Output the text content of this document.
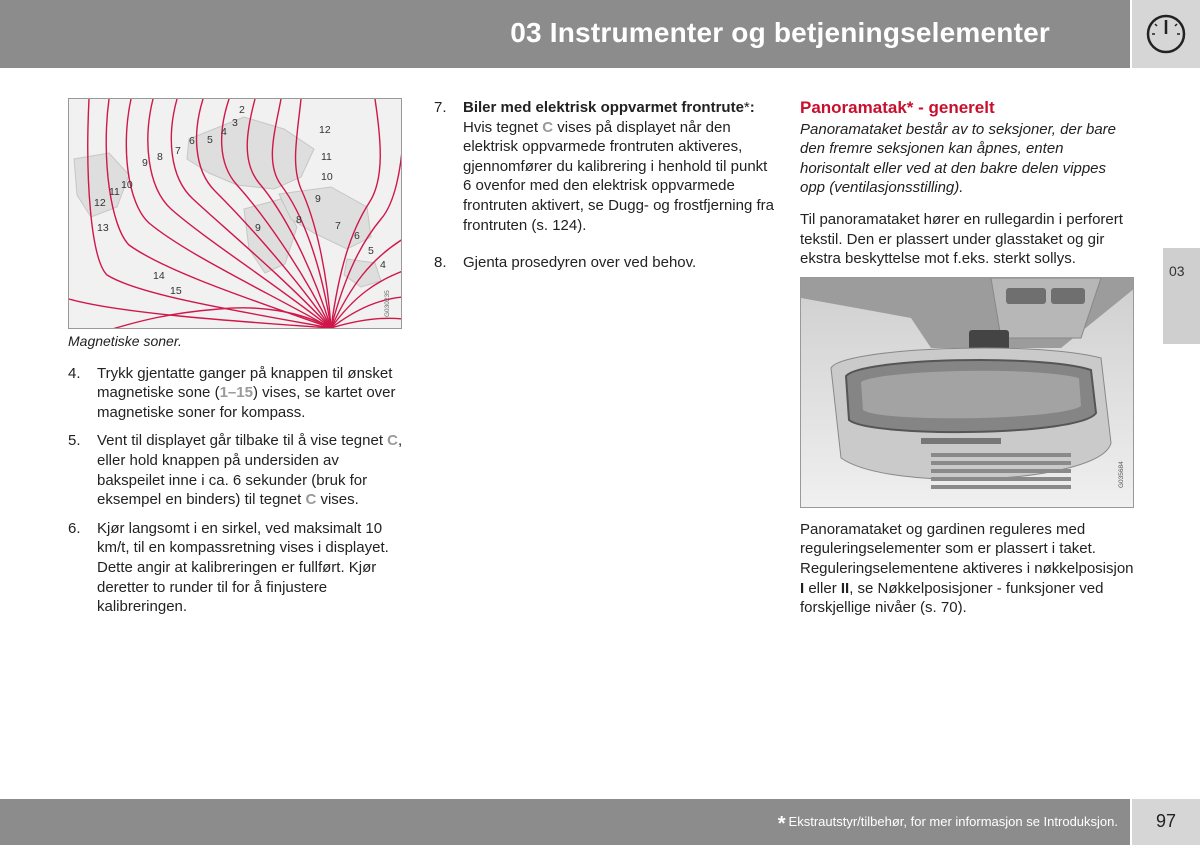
03 Instrumenter og betjeningselementer
03
2
3
4
5
6
7
8
9
10
11
12
13
14
15
12
11
10
9
8
9	7
6
5
4
G030235
Magnetiske soner.
4. Trykk gjentatte ganger på knappen til ønsket magnetiske sone (1–15) vises, se kartet over magnetiske soner for kompass.
5. Vent til displayet går tilbake til å vise tegnet C, eller hold knappen på undersiden av bakspeilet inne i ca. 6 sekunder (bruk for eksempel en binders) til tegnet C vises.
6. Kjør langsomt i en sirkel, ved maksimalt 10 km/t, til en kompassretning vises i displayet. Dette angir at kalibreringen er fullført. Kjør deretter to runder til for å finjustere kalibreringen.
7. Biler med elektrisk oppvarmet frontrute*: Hvis tegnet C vises på displayet når den elektrisk oppvarmede frontruten aktiveres, gjennomfører du kalibrering i henhold til punkt 6 ovenfor med den elektrisk oppvarmede frontruten aktivert, se Dugg- og frostfjerning fra frontruten (s. 124).
8. Gjenta prosedyren over ved behov.
Panoramatak* - generelt
Panoramataket består av to seksjoner, der bare den fremre seksjonen kan åpnes, enten horisontalt eller ved at den bakre delen vippes opp (ventilasjonsstilling).
Til panoramataket hører en rullegardin i perforert tekstil. Den er plassert under glasstaket og gir ekstra beskyttelse mot f.eks. sterkt sollys.
G035684
Panoramataket og gardinen reguleres med reguleringselementer som er plassert i taket. Reguleringselementene aktiveres i nøkkelposisjon I eller II, se Nøkkelposisjoner - funksjoner ved forskjellige nivåer (s. 70).
* Ekstrautstyr/tilbehør, for mer informasjon se Introduksjon.	97
